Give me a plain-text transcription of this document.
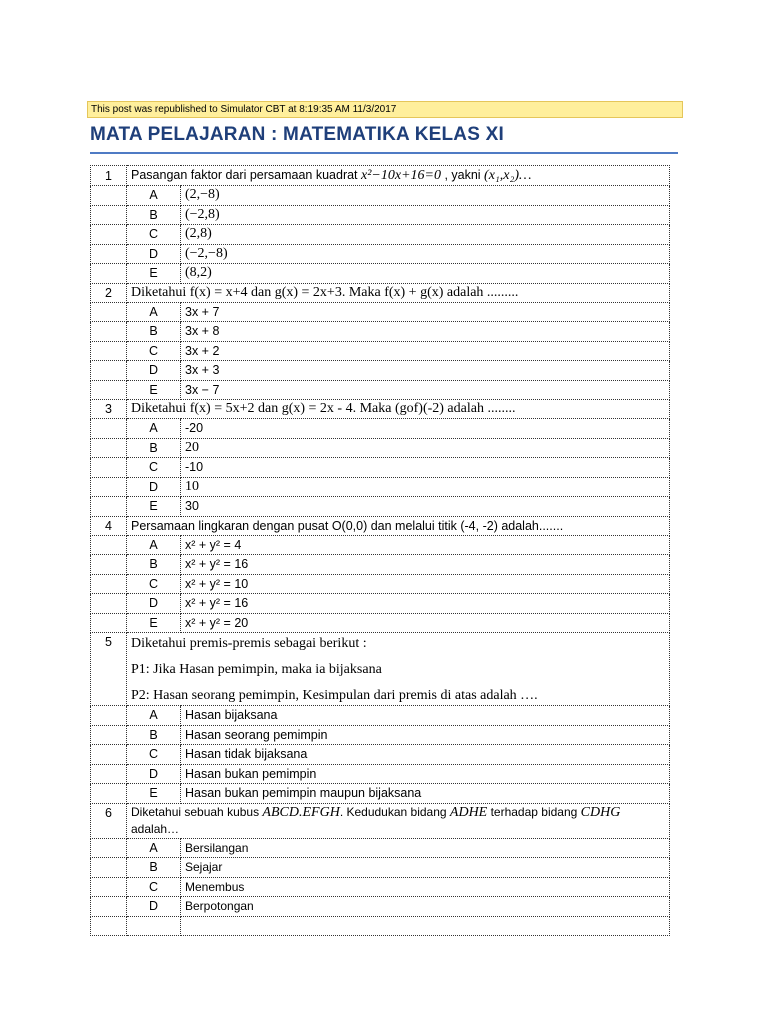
This post was republished to Simulator CBT at 8:19:35 AM 11/3/2017
MATA PELAJARAN : MATEMATIKA KELAS XI
1	Pasangan faktor dari persamaan kuadrat x²−10x+16=0 , yakni (x₁,x₂)…	
	A	(2,−8)
	B	(−2,8)
	C	(2,8)
	D	(−2,−8)
	E	(8,2)
2	Diketahui f(x) = x+4 dan g(x) = 2x+3. Maka f(x) + g(x) adalah .........	
	A	3x + 7
	B	3x + 8
	C	3x + 2
	D	3x + 3
	E	3x − 7
3	Diketahui f(x) = 5x+2 dan g(x) = 2x - 4. Maka (gof)(-2) adalah ........	
	A	-20
	B	20
	C	-10
	D	10
	E	30
4	Persamaan lingkaran dengan pusat O(0,0) dan melalui titik (-4, -2) adalah.......	
	A	x² + y² = 4
	B	x² + y² = 16
	C	x² + y² = 10
	D	x² + y² = 16
	E	x² + y² = 20
5	Diketahui premis-premis sebagai berikut :
P1: Jika Hasan pemimpin, maka ia bijaksana
P2: Hasan seorang pemimpin, Kesimpulan dari premis di atas adalah ….	

	A	Hasan bijaksana
	B	Hasan seorang pemimpin
	C	Hasan tidak bijaksana
	D	Hasan bukan pemimpin
	E	Hasan bukan pemimpin maupun bijaksana
6	Diketahui sebuah kubus ABCD.EFGH. Kedudukan bidang ADHE terhadap bidang CDHG adalah…	
	A	Bersilangan
	B	Sejajar
	C	Menembus
	D	Berpotongan
